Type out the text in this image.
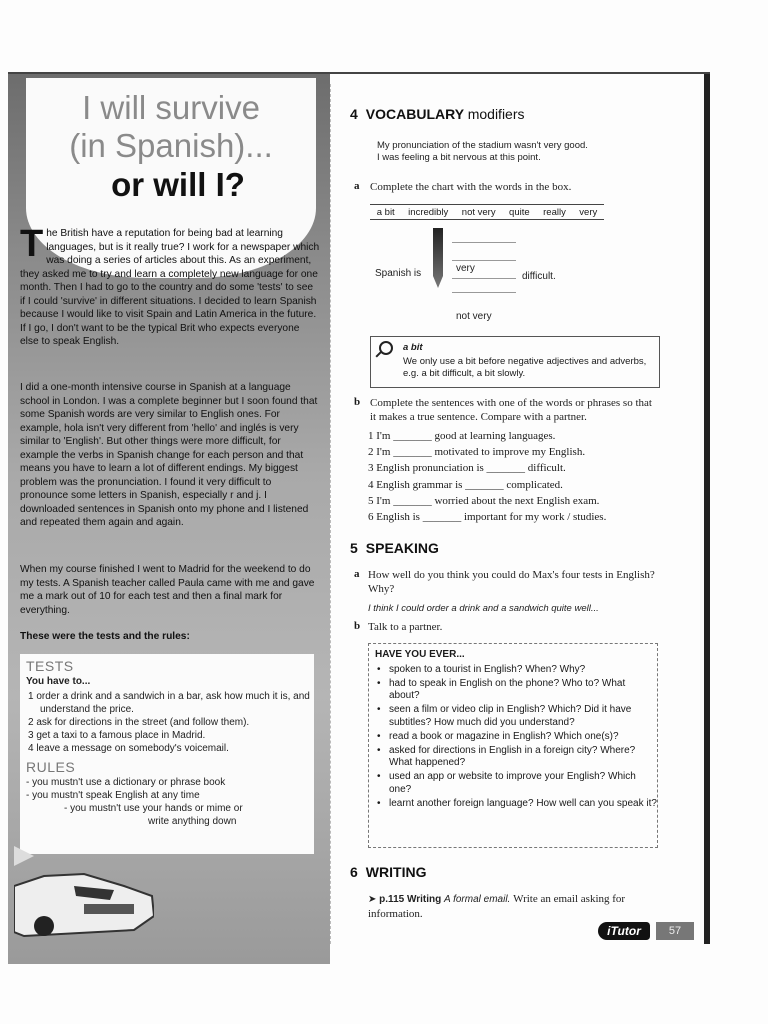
I will survive
(in Spanish)...
or will I?
The British have a reputation for being bad at learning languages, but is it really true? I work for a newspaper which was doing a series of articles about this. As an experiment, they asked me to try and learn a completely new language for one month. Then I had to go to the country and do some 'tests' to see if I could 'survive' in different situations. I decided to learn Spanish because I would like to visit Spain and Latin America in the future. If I go, I don't want to be the typical Brit who expects everyone else to speak English.
I did a one-month intensive course in Spanish at a language school in London. I was a complete beginner but I soon found that some Spanish words are very similar to English ones. For example, hola isn't very different from 'hello' and inglés is very similar to 'English'. But other things were more difficult, for example the verbs in Spanish change for each person and that means you have to learn a lot of different endings. My biggest problem was the pronunciation. I found it very difficult to pronounce some letters in Spanish, especially r and j. I downloaded sentences in Spanish onto my phone and I listened and repeated them again and again.
When my course finished I went to Madrid for the weekend to do my tests. A Spanish teacher called Paula came with me and gave me a mark out of 10 for each test and then a final mark for everything.
These were the tests and the rules:
TESTS
You have to...
1 order a drink and a sandwich in a bar, ask how much it is, and understand the price.
2 ask for directions in the street (and follow them).
3 get a taxi to a famous place in Madrid.
4 leave a message on somebody's voicemail.
RULES
- you mustn't use a dictionary or phrase book
- you mustn't speak English at any time
- you mustn't use your hands or mime or
write anything down
4 VOCABULARY modifiers
My pronunciation of the stadium wasn't very good.
I was feeling a bit nervous at this point.
a Complete the chart with the words in the box.
a bit incredibly not very quite really very
Spanish is	very
difficult.
not very
a bit
We only use a bit before negative adjectives and adverbs, e.g. a bit difficult, a bit slowly.
b Complete the sentences with one of the words or phrases so that it makes a true sentence. Compare with a partner.
1 I'm _______ good at learning languages.
2 I'm _______ motivated to improve my English.
3 English pronunciation is _______ difficult.
4 English grammar is _______ complicated.
5 I'm _______ worried about the next English exam.
6 English is _______ important for my work / studies.
5 SPEAKING
a How well do you think you could do Max's four tests in English? Why?
I think I could order a drink and a sandwich quite well...
b Talk to a partner.
HAVE YOU EVER...
• spoken to a tourist in English? When? Why?
• had to speak in English on the phone? Who to? What about?
• seen a film or video clip in English? Which? Did it have subtitles? How much did you understand?
• read a book or magazine in English? Which one(s)?
• asked for directions in English in a foreign city? Where? What happened?
• used an app or website to improve your English? Which one?
• learnt another foreign language? How well can you speak it?
6 WRITING
➤ p.115 Writing A formal email. Write an email asking for information.
iTutor	57
